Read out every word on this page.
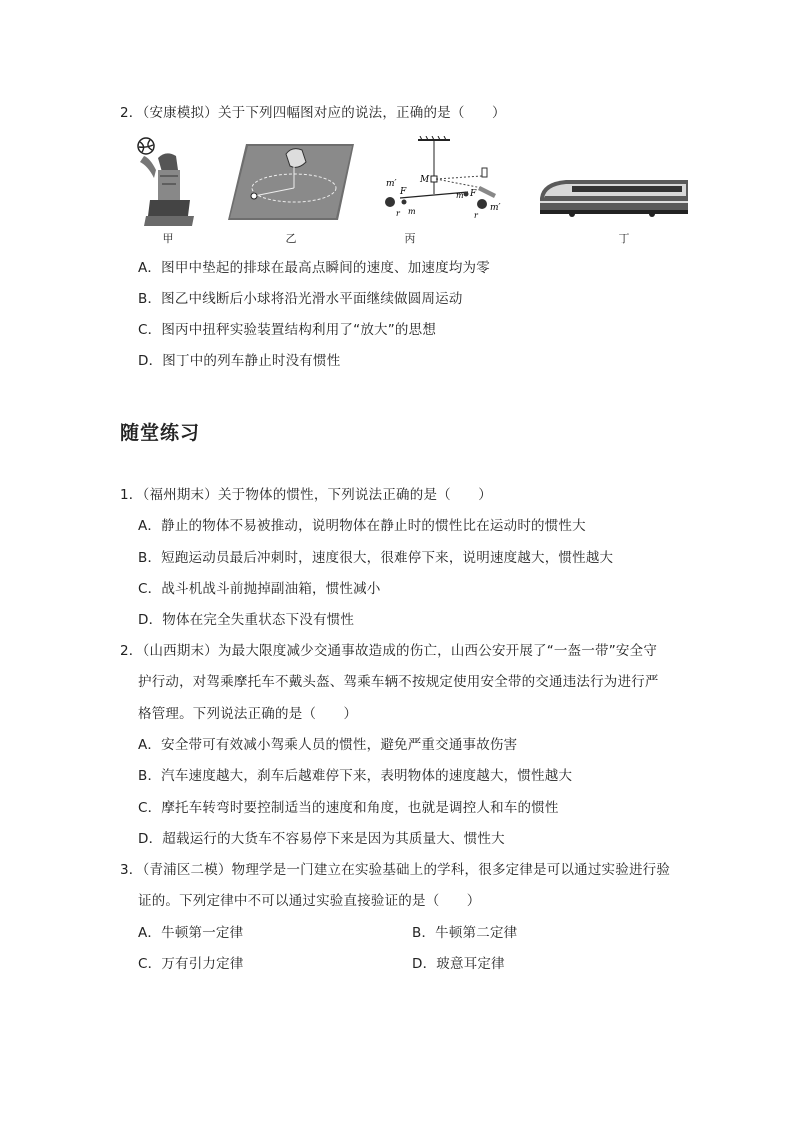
2．（安康模拟）关于下列四幅图对应的说法，正确的是（　　）
甲	乙
m′
F
r m
M
m F
r
m′
丙	丁
A．图甲中垫起的排球在最高点瞬间的速度、加速度均为零
B．图乙中线断后小球将沿光滑水平面继续做圆周运动
C．图丙中扭秤实验装置结构利用了“放大”的思想
D．图丁中的列车静止时没有惯性
随堂练习
1．（福州期末）关于物体的惯性，下列说法正确的是（　　）
A．静止的物体不易被推动，说明物体在静止时的惯性比在运动时的惯性大
B．短跑运动员最后冲刺时，速度很大，很难停下来，说明速度越大，惯性越大
C．战斗机战斗前抛掉副油箱，惯性减小
D．物体在完全失重状态下没有惯性
2．（山西期末）为最大限度减少交通事故造成的伤亡，山西公安开展了“一盔一带”安全守
护行动，对驾乘摩托车不戴头盔、驾乘车辆不按规定使用安全带的交通违法行为进行严
格管理。下列说法正确的是（　　）
A．安全带可有效减小驾乘人员的惯性，避免严重交通事故伤害
B．汽车速度越大，刹车后越难停下来，表明物体的速度越大，惯性越大
C．摩托车转弯时要控制适当的速度和角度，也就是调控人和车的惯性
D．超载运行的大货车不容易停下来是因为其质量大、惯性大
3．（青浦区二模）物理学是一门建立在实验基础上的学科，很多定律是可以通过实验进行验
证的。下列定律中不可以通过实验直接验证的是（　　）
A．牛顿第一定律	B．牛顿第二定律
C．万有引力定律	D．玻意耳定律
